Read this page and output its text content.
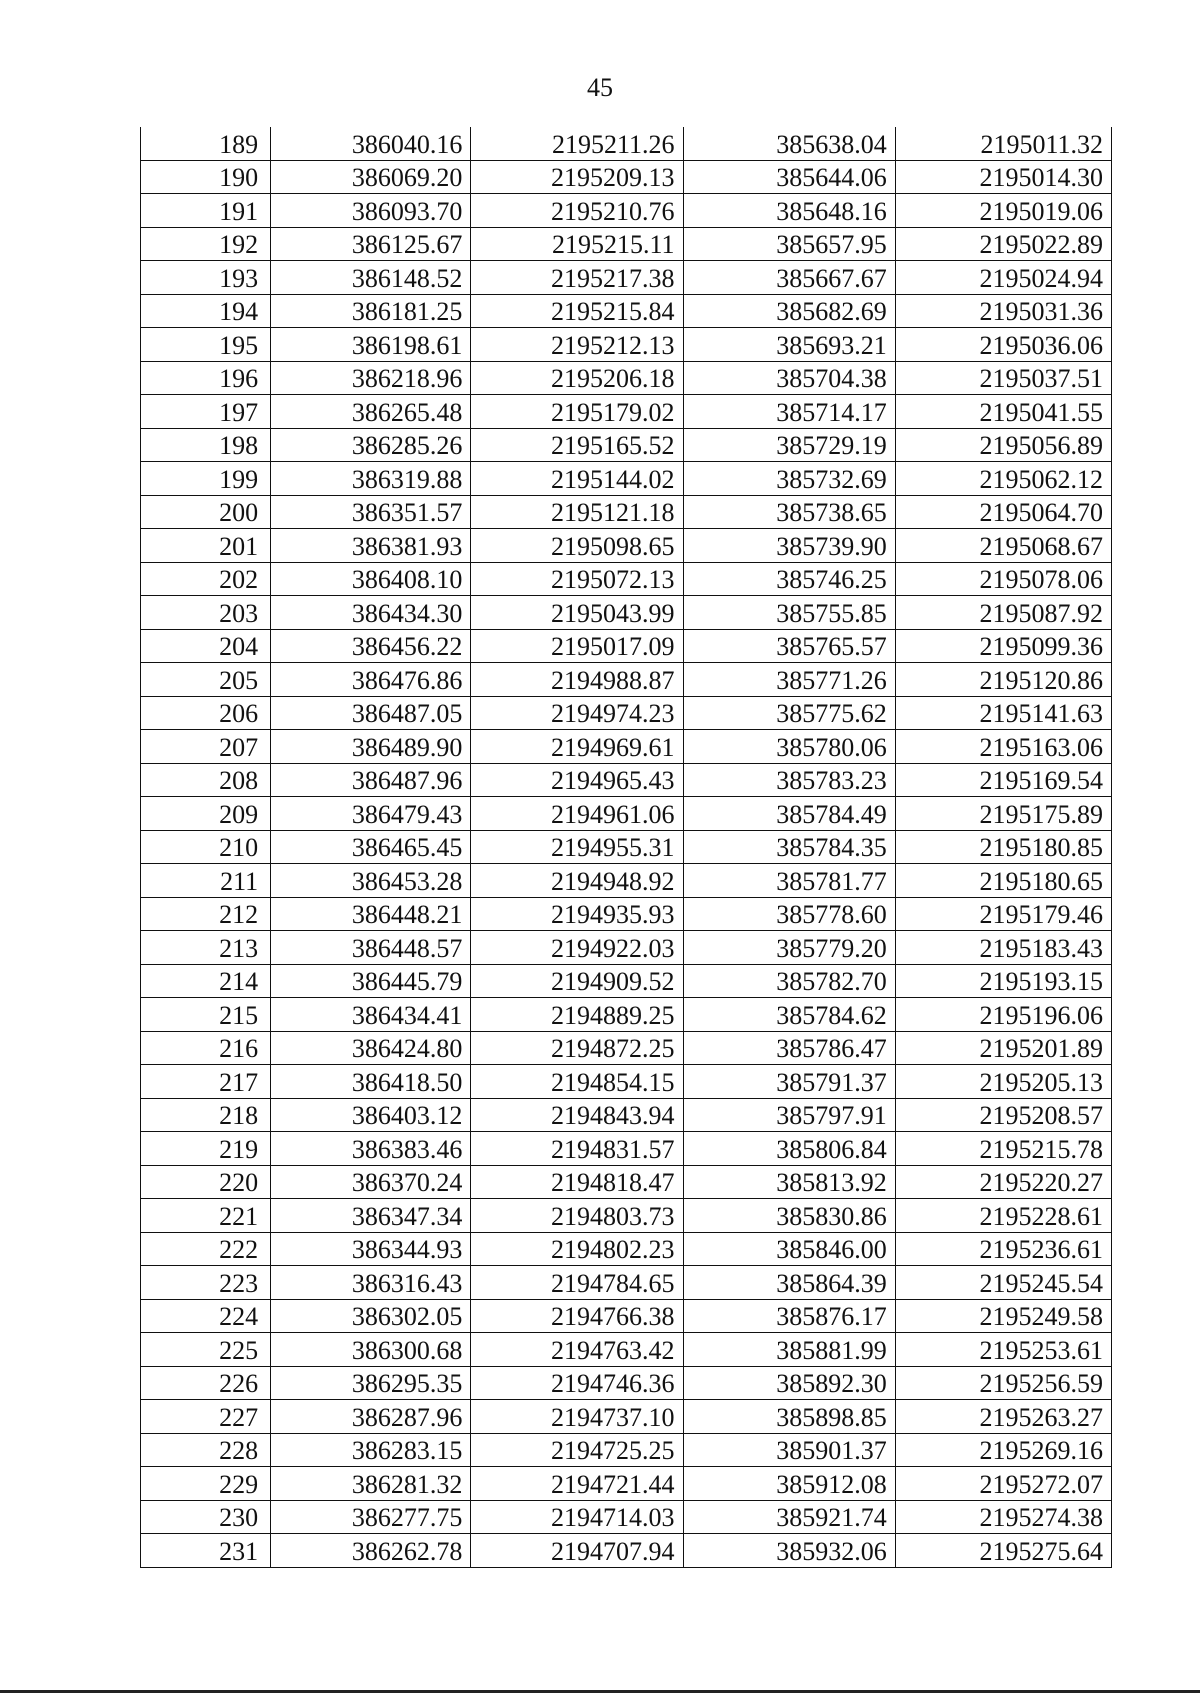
45
189	386040.16	2195211.26	385638.04	2195011.32
190	386069.20	2195209.13	385644.06	2195014.30
191	386093.70	2195210.76	385648.16	2195019.06
192	386125.67	2195215.11	385657.95	2195022.89
193	386148.52	2195217.38	385667.67	2195024.94
194	386181.25	2195215.84	385682.69	2195031.36
195	386198.61	2195212.13	385693.21	2195036.06
196	386218.96	2195206.18	385704.38	2195037.51
197	386265.48	2195179.02	385714.17	2195041.55
198	386285.26	2195165.52	385729.19	2195056.89
199	386319.88	2195144.02	385732.69	2195062.12
200	386351.57	2195121.18	385738.65	2195064.70
201	386381.93	2195098.65	385739.90	2195068.67
202	386408.10	2195072.13	385746.25	2195078.06
203	386434.30	2195043.99	385755.85	2195087.92
204	386456.22	2195017.09	385765.57	2195099.36
205	386476.86	2194988.87	385771.26	2195120.86
206	386487.05	2194974.23	385775.62	2195141.63
207	386489.90	2194969.61	385780.06	2195163.06
208	386487.96	2194965.43	385783.23	2195169.54
209	386479.43	2194961.06	385784.49	2195175.89
210	386465.45	2194955.31	385784.35	2195180.85
211	386453.28	2194948.92	385781.77	2195180.65
212	386448.21	2194935.93	385778.60	2195179.46
213	386448.57	2194922.03	385779.20	2195183.43
214	386445.79	2194909.52	385782.70	2195193.15
215	386434.41	2194889.25	385784.62	2195196.06
216	386424.80	2194872.25	385786.47	2195201.89
217	386418.50	2194854.15	385791.37	2195205.13
218	386403.12	2194843.94	385797.91	2195208.57
219	386383.46	2194831.57	385806.84	2195215.78
220	386370.24	2194818.47	385813.92	2195220.27
221	386347.34	2194803.73	385830.86	2195228.61
222	386344.93	2194802.23	385846.00	2195236.61
223	386316.43	2194784.65	385864.39	2195245.54
224	386302.05	2194766.38	385876.17	2195249.58
225	386300.68	2194763.42	385881.99	2195253.61
226	386295.35	2194746.36	385892.30	2195256.59
227	386287.96	2194737.10	385898.85	2195263.27
228	386283.15	2194725.25	385901.37	2195269.16
229	386281.32	2194721.44	385912.08	2195272.07
230	386277.75	2194714.03	385921.74	2195274.38
231	386262.78	2194707.94	385932.06	2195275.64
